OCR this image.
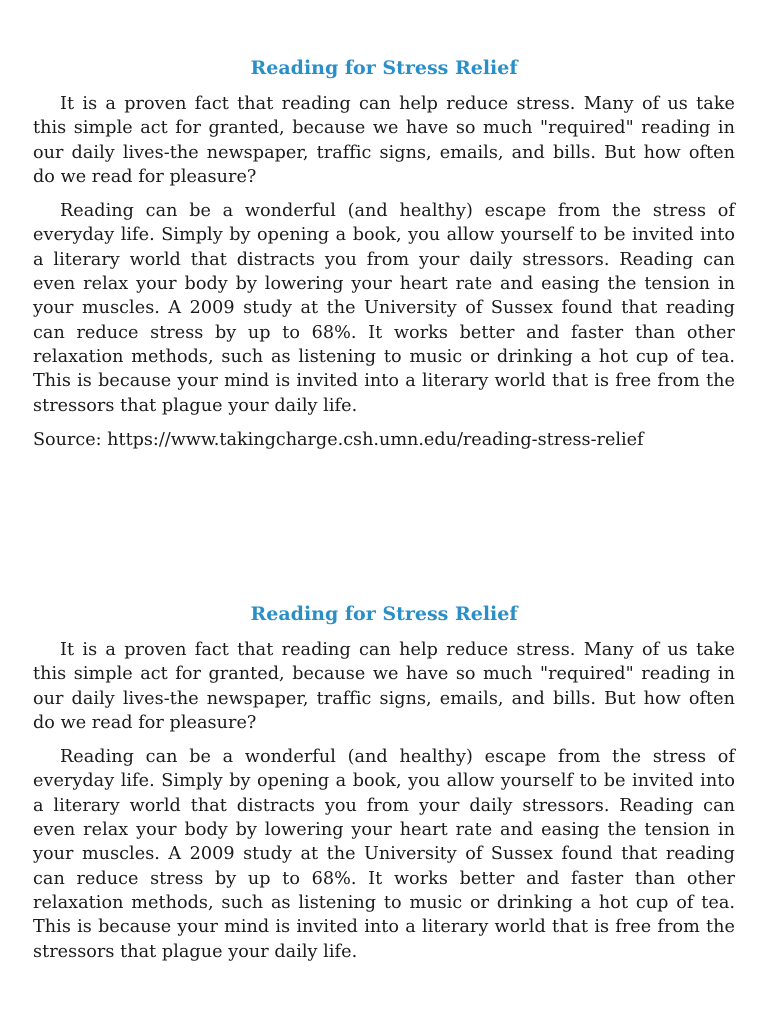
Reading for Stress Relief

It is a proven fact that reading can help reduce stress. Many of us take this simple act for granted, because we have so much "required" reading in our daily lives-the newspaper, traffic signs, emails, and bills. But how often do we read for pleasure?

Reading can be a wonderful (and healthy) escape from the stress of everyday life. Simply by opening a book, you allow yourself to be invited into a literary world that distracts you from your daily stressors. Reading can even relax your body by lowering your heart rate and easing the tension in your muscles. A 2009 study at the University of Sussex found that reading can reduce stress by up to 68%. It works better and faster than other relaxation methods, such as listening to music or drinking a hot cup of tea. This is because your mind is invited into a literary world that is free from the stressors that plague your daily life.

Source: https://www.takingcharge.csh.umn.edu/reading-stress-relief

Reading for Stress Relief

It is a proven fact that reading can help reduce stress. Many of us take this simple act for granted, because we have so much "required" reading in our daily lives-the newspaper, traffic signs, emails, and bills. But how often do we read for pleasure?

Reading can be a wonderful (and healthy) escape from the stress of everyday life. Simply by opening a book, you allow yourself to be invited into a literary world that distracts you from your daily stressors. Reading can even relax your body by lowering your heart rate and easing the tension in your muscles. A 2009 study at the University of Sussex found that reading can reduce stress by up to 68%. It works better and faster than other relaxation methods, such as listening to music or drinking a hot cup of tea. This is because your mind is invited into a literary world that is free from the stressors that plague your daily life.
